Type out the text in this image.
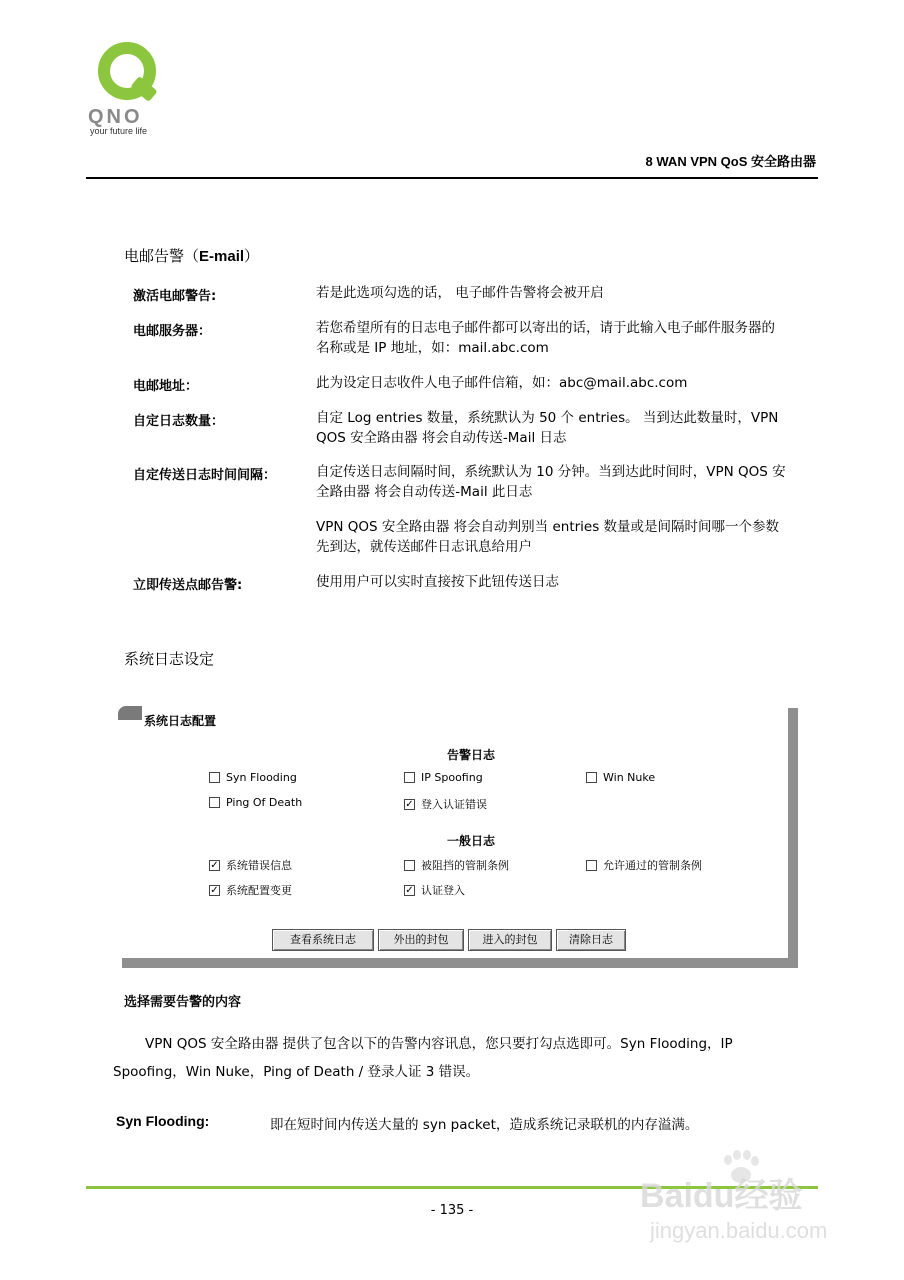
QNO
your future life
8 WAN VPN QoS 安全路由器
电邮告警（E-mail）
激活电邮警告:	若是此选项勾选的话， 电子邮件告警将会被开启
电邮服务器：	若您希望所有的日志电子邮件都可以寄出的话，请于此输入电子邮件服务器的名称或是 IP 地址，如：mail.abc.com
电邮地址：	此为设定日志收件人电子邮件信箱，如：abc@mail.abc.com
自定日志数量：	自定 Log entries 数量，系统默认为 50 个 entries。 当到达此数量时，VPN QOS 安全路由器 将会自动传送-Mail 日志
自定传送日志时间间隔：	自定传送日志间隔时间，系统默认为 10 分钟。当到达此时间时，VPN QOS 安全路由器 将会自动传送-Mail 此日志
VPN QOS 安全路由器 将会自动判别当 entries 数量或是间隔时间哪一个参数先到达，就传送邮件日志讯息给用户
立即传送点邮告警:	使用用户可以实时直接按下此钮传送日志
系统日志设定
系统日志配置
告警日志
Syn Flooding	IP Spoofing	Win Nuke
Ping Of Death	✓ 登入认证错误
一般日志
✓ 系统错误信息	被阻挡的管制条例	允许通过的管制条例
✓ 系统配置变更	✓ 认证登入
查看系统日志	外出的封包	进入的封包	清除日志
选择需要告警的内容
VPN QOS 安全路由器 提供了包含以下的告警内容讯息，您只要打勾点选即可。Syn Flooding，IP
Spoofing，Win Nuke，Ping of Death / 登录人证 3 错误。
Syn Flooding:	即在短时间内传送大量的 syn packet，造成系统记录联机的内存溢满。
- 135 -	Baidu经验
jingyan.baidu.com
